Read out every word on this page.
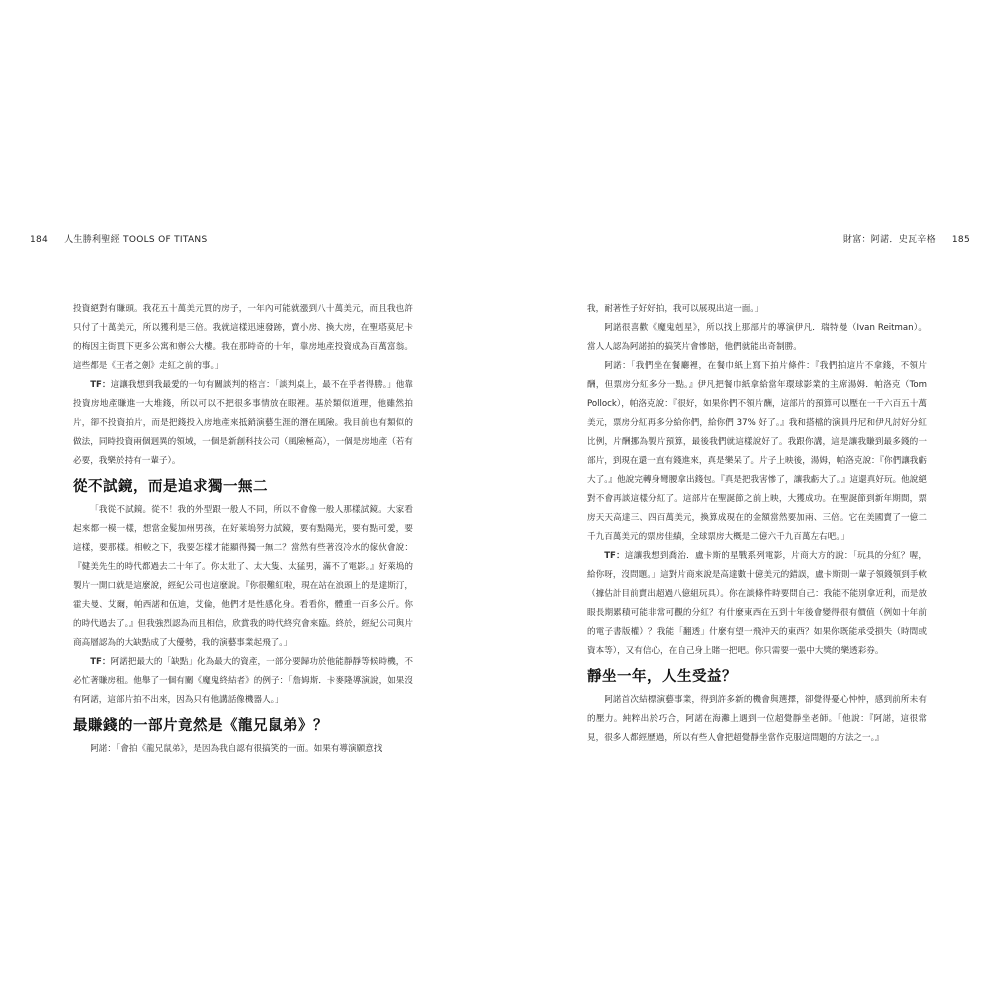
184 人生勝利聖經 TOOLS OF TITANS	財富：阿諾．史瓦辛格 185

投資絕對有賺頭。我花五十萬美元買的房子，一年內可能就漲到八十萬美元，而且我也許只付了十萬美元，所以獲利是三倍。我就這樣迅速發跡，賣小房、換大房，在聖塔莫尼卡的梅因主街買下更多公寓和辦公大樓。我在那時奇的十年，靠房地產投資成為百萬富翁。這些都是《王者之劍》走紅之前的事。」

TF：這讓我想到我最愛的一句有關談判的格言：「談判桌上，最不在乎者得勝。」他靠投資房地產賺進一大堆錢，所以可以不把很多事情放在眼裡。基於類似道理，他雖然拍片，卻不投資拍片，而是把錢投入房地產來抵銷演藝生涯的潛在風險。我目前也有類似的做法，同時投資兩個迥異的領域，一個是新創科技公司（風險極高），一個是房地產（若有必要，我樂於持有一輩子）。

從不試鏡，而是追求獨一無二

「我從不試鏡。從不！我的外型跟一般人不同，所以不會像一般人那樣試鏡。大家看起來都一模一樣，想當金髮加州男孩，在好萊塢努力試鏡，要有點陽光，要有點可愛，要這樣，要那樣。相較之下，我要怎樣才能顯得獨一無二？當然有些著沒冷水的傢伙會說：『健美先生的時代都過去二十年了。你太壯了、太大隻、太猛男，滿不了電影。』好萊塢的製片一開口就是這麼說，經紀公司也這麼說。『你很難紅啦，現在站在浪頭上的是達斯汀，霍夫曼、艾爾，帕西諾和伍迪，艾倫，他們才是性感化身。看看你，體重一百多公斤。你的時代過去了。』但我強烈認為而且相信，欣賞我的時代終究會來臨。終於，經紀公司與片商高層認為的大缺點成了大優勢，我的演藝事業起飛了。」

TF：阿諾把最大的「缺點」化為最大的資產，一部分要歸功於他能靜靜等候時機，不必忙著賺房租。他舉了一個有關《魔鬼終結者》的例子：「詹姆斯．卡麥隆導演說，如果沒有阿諾，這部片拍不出來，因為只有他講話像機器人。」

最賺錢的一部片竟然是《龍兄鼠弟》？

阿諾：「會拍《龍兄鼠弟》，是因為我自認有很搞笑的一面。如果有導演願意找

我，耐著性子好好拍，我可以展現出這一面。」

阿諾很喜歡《魔鬼剋星》，所以找上那部片的導演伊凡．瑞特曼（Ivan Reitman）。當人人認為阿諾拍的搞笑片會慘賠，他們就能出奇制勝。

阿諾：「我們坐在餐廳裡，在餐巾紙上寫下拍片條件：『我們拍這片不拿錢，不領片酬，但票房分紅多分一點。』伊凡把餐巾紙拿給當年環球影業的主席湯姆．帕洛克（Tom Pollock），帕洛克說：『很好，如果你們不領片酬，這部片的預算可以壓在一千六百五十萬美元，票房分紅再多分給你們，給你們 37% 好了。』我和搭檔的演員丹尼和伊凡討好分紅比例，片酬挪為製片預算，最後我們就這樣說好了。我跟你講，這是讓我賺到最多錢的一部片，到現在還一直有錢進來，真是樂呆了。片子上映後，湯姆，帕洛克說：『你們讓我虧大了。』他說完轉身彎腰拿出錢包。『真是把我害慘了，讓我虧大了。』這還真好玩。他說絕對不會再談這樣分紅了。這部片在聖誕節之前上映，大獲成功。在聖誕節到新年期間，票房天天高達三、四百萬美元，換算成現在的金額當然要加兩、三倍。它在美國賣了一億二千九百萬美元的票房佳績，全球票房大概是二億六千九百萬左右吧。」

TF：這讓我想到喬治．盧卡斯的星戰系列電影，片商大方的說：「玩具的分紅？喔，給你呀，沒問題。」這對片商來說是高達數十億美元的錯誤，盧卡斯則一輩子領錢領到手軟（據估計目前賣出超過八億組玩具）。你在談條件時要問自己：我能不能別拿近利，而是放眼長期累積可能非常可觀的分紅？有什麼東西在五到十年後會變得很有價值（例如十年前的電子書版權）？我能「翻透」什麼有望一飛沖天的東西？如果你既能承受損失（時間或資本等），又有信心，在自己身上賭一把吧。你只需要一張中大獎的樂透彩券。

靜坐一年，人生受益？

阿諾首次結標演藝事業，得到許多新的機會與選擇，卻覺得憂心忡忡，感到前所未有的壓力。純粹出於巧合，阿諾在海灘上遇到一位超覺靜坐老師。「他說：『阿諾，這很常見，很多人都經歷過，所以有些人會把超覺靜坐當作克服這問題的方法之一。』
